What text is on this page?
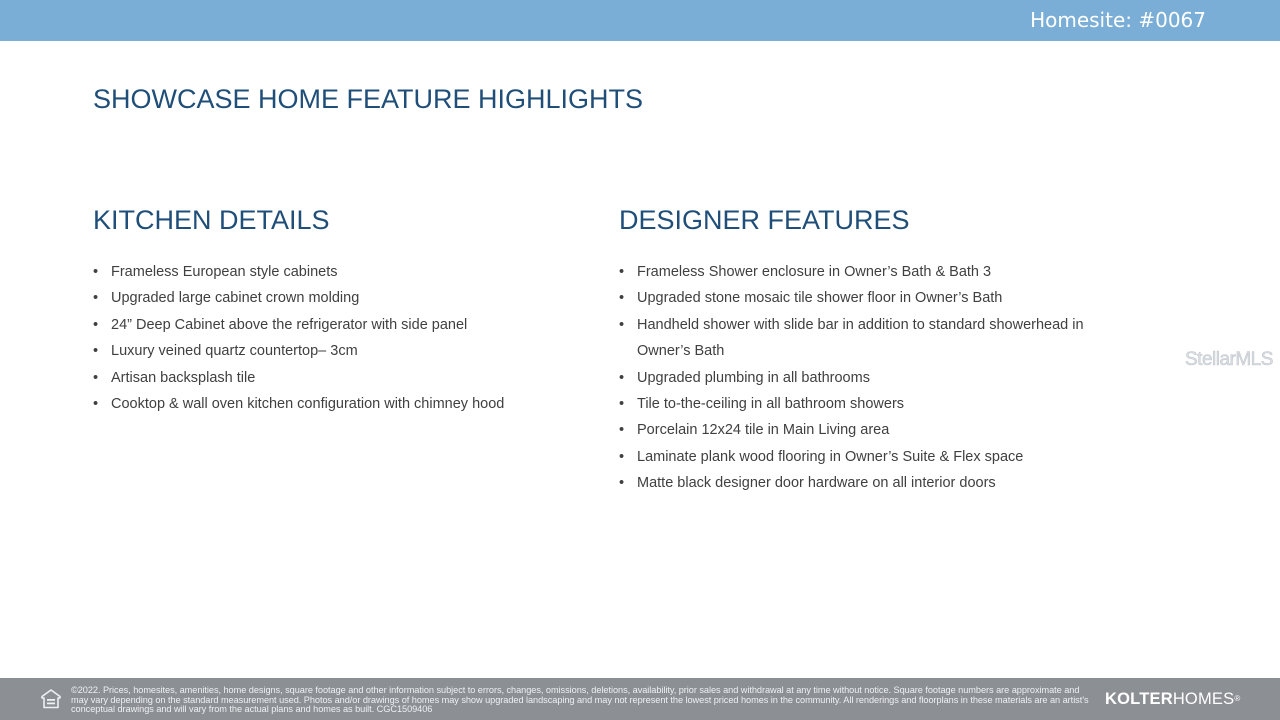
Homesite: #0067
SHOWCASE HOME FEATURE HIGHLIGHTS
KITCHEN DETAILS
• Frameless European style cabinets
• Upgraded large cabinet crown molding
• 24” Deep Cabinet above the refrigerator with side panel
• Luxury veined quartz countertop– 3cm
• Artisan backsplash tile
• Cooktop & wall oven kitchen configuration with chimney hood
DESIGNER FEATURES
• Frameless Shower enclosure in Owner’s Bath & Bath 3
• Upgraded stone mosaic tile shower floor in Owner’s Bath
• Handheld shower with slide bar in addition to standard showerhead in Owner’s Bath
• Upgraded plumbing in all bathrooms
• Tile to-the-ceiling in all bathroom showers
• Porcelain 12x24 tile in Main Living area
• Laminate plank wood flooring in Owner’s Suite & Flex space
• Matte black designer door hardware on all interior doors
StellarMLS
©2022. Prices, homesites, amenities, home designs, square footage and other information subject to errors, changes, omissions, deletions, availability, prior sales and withdrawal at any time without notice. Square footage numbers are approximate and may vary depending on the standard measurement used. Photos and/or drawings of homes may show upgraded landscaping and may not represent the lowest priced homes in the community. All renderings and floorplans in these materials are an artist’s conceptual drawings and will vary from the actual plans and homes as built. CGC1509406
KOLTERHOMES®
